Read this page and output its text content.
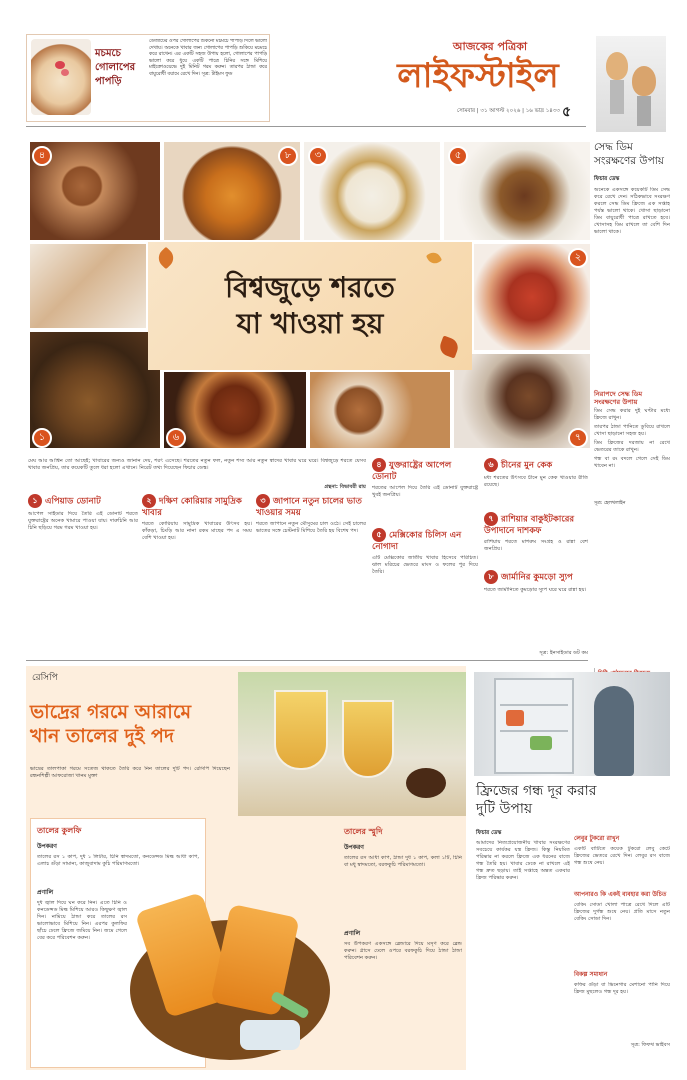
মচমচে গোলাপের পাপড়ি
ডেজার্টের ওপর গোলাপের শুকনো মচমচে পাপড়ি দিলে ভালো দেখায়। অনেকে খাবার জন্য গোলাপের পাপড়ি শুকিয়ে মচমচে করে রাখেন। এর একটি সহজ উপায় হলো, গোলাপের পাপড়ি ভালো করে ধুয়ে একটি পাত্রে চিনির সঙ্গে মিশিয়ে মাইক্রোওয়েভে দুই মিনিট গরম করুন। তারপর ঠান্ডা করে বায়ুরোধী বয়ামে রেখে দিন। সূত্র: টাইমস ফুড
আজকের পত্রিকা
লাইফস্টাইল
সোমবার | ৩১ আগস্ট ২০২৬ | ১৬ ভাদ্র ১৪৩৩ ৫
বিশ্বজুড়ে শরতে
যা খাওয়া হয়
৪	৮	৩	৫
২
১	৬	৭
সেদ্ধ ডিম সংরক্ষণের উপায়
ফিচার ডেস্ক
অনেকে একসঙ্গে কয়েকটি ডিম সেদ্ধ করে রেখে দেন। সঠিকভাবে সংরক্ষণ করলে সেদ্ধ ডিম ফ্রিজে এক সপ্তাহ পর্যন্ত ভালো থাকে। খোসা ছাড়ানো ডিম বায়ুরোধী পাত্রে রাখতে হবে। খোসাসহ ডিম রাখলে তা বেশি দিন ভালো থাকে।
নিরাপদে সেদ্ধ ডিম সংরক্ষণের উপায়
ডিম সেদ্ধ করার দুই ঘণ্টার মধ্যে ফ্রিজে রাখুন।
তারপর ঠান্ডা পানিতে ডুবিয়ে রাখলে খোসা ছাড়ানো সহজ হয়।
ডিম ফ্রিজের দরজায় না রেখে ভেতরের তাকে রাখুন।
গন্ধ বা রং বদলে গেলে সেই ডিম খাবেন না।
সূত্র: হেলথলাইন
মেঘ আর আশ্বিন তো আছেই; খাবারের জন্যও জানান দেয়, শরৎ এসেছে। শরতের নতুন ফল, নতুন শস্য আর নতুন স্বাদের খাবার ঘরে ঘরে। বিশ্বজুড়ে শরতে যেসব খাবার জনপ্রিয়, তার কয়েকটি তুলে ধরা হলো এখানে। নিরেট তথ্য দিয়েছেন ফিচার ডেস্ক।
গ্রন্থনা: বিভাবরী রায়
১ এপিয়াড ডোনাট
আপেল সাইডার দিয়ে তৈরি এই ডোনাট শরতে যুক্তরাষ্ট্রের অনেক খামারে পাওয়া যায়। দারুচিনি আর চিনি ছড়িয়ে গরম গরম খাওয়া হয়।
২ দক্ষিণ কোরিয়ার সামুদ্রিক খাবার
শরতে কোরিয়ায় সামুদ্রিক খাবারের উৎসব হয়। কাঁকড়া, চিংড়ি আর নানা রকম মাছের পদ এ সময় বেশি খাওয়া হয়।
৩ জাপানে নতুন চালের ভাত খাওয়ার সময়
শরতে জাপানে নতুন মৌসুমের চাল ওঠে। সেই চালের ভাতের সঙ্গে চেস্টনাট মিশিয়ে তৈরি হয় বিশেষ পদ।
৪ যুক্তরাষ্ট্রের আপেল ডোনাট
শরতের আপেল দিয়ে তৈরি এই ডোনাট যুক্তরাষ্ট্রে খুবই জনপ্রিয়।
৫ মেক্সিকোর চিলিস এন নোগাদা
এটি মেক্সিকোর জাতীয় খাবার হিসেবে পরিচিত। ঝাল মরিচের ভেতরে মাংস ও ফলের পুর দিয়ে তৈরি।
৬ চীনের মুন কেক
মধ্য শরতের উৎসবে চীনে মুন কেক খাওয়ার রীতি রয়েছে।
৭ রাশিয়ার বাকুইটকারের উপাদানে দাশকফ
রাশিয়ায় শরতে মাশরুম সংগ্রহ ও রান্না বেশ জনপ্রিয়।
৮ জার্মানির কুমড়ো স্যুপ
শরতে জার্মানিতে কুমড়োর স্যুপ ঘরে ঘরে রান্না হয়।
সূত্র: ইনসাইডার ডট কম
রেসিপি
ভাদ্রের গরমে আরামে
খান তালের দুই পদ
ভাদ্রের তালপাকা গরমে সতেজ থাকতে তৈরি করে নিন তালের দুটি পদ। রেসিপি দিয়েছেন রন্ধনশিল্পী আফরোজা খানম মুক্তা
তালের কুলফি
উপকরণ
তালের রস ১ কাপ, দুধ ১ লিটার, চিনি স্বাদমতো, কনডেন্সড মিল্ক আধা কাপ, এলাচ গুঁড়া সামান্য, কাজুবাদাম কুচি পরিমাণমতো।
প্রণালি
দুধ জ্বাল দিয়ে ঘন করে নিন। এতে চিনি ও কনডেন্সড মিল্ক মিশিয়ে আরও কিছুক্ষণ জ্বাল দিন। নামিয়ে ঠান্ডা করে তালের রস ভালোভাবে মিশিয়ে নিন। এরপর কুলফির ছাঁচে ঢেলে ফ্রিজে জমিয়ে নিন। জমে গেলে বের করে পরিবেশন করুন।
তালের স্মুদি
উপকরণ
তালের রস আধা কাপ, ঠান্ডা দুধ ১ কাপ, কলা ১টি, চিনি বা মধু স্বাদমতো, বরফকুচি পরিমাণমতো।
প্রণালি
সব উপকরণ একসঙ্গে ব্লেন্ডারে দিয়ে মসৃণ করে ব্লেন্ড করুন। গ্লাসে ঢেলে ওপরে বরফকুচি দিয়ে ঠান্ডা ঠান্ডা পরিবেশন করুন।
ফ্রিজের গন্ধ দূর করার
দুটি উপায়
ফিচার ডেস্ক
আমাদের নিত্যপ্রয়োজনীয় খাবার সংরক্ষণের সবচেয়ে কার্যকর যন্ত্র ফ্রিজ। কিন্তু নিয়মিত পরিষ্কার না করলে ফ্রিজে এক ধরনের বাজে গন্ধ তৈরি হয়। খাবার ঢেকে না রাখলে এই গন্ধ দ্রুত ছড়ায়। তাই সপ্তাহে অন্তত একবার ফ্রিজ পরিষ্কার করুন।
লেবুর টুকরো রাখুন
একটি বাটিতে কয়েক টুকরো লেবু কেটে ফ্রিজের ভেতরে রেখে দিন। লেবুর রস বাজে গন্ধ শুষে নেয়।
আপনারও কি একই ব্যবহার করা উচিত
বেকিং সোডা খোলা পাত্রে রেখে দিলে এটি ফ্রিজের দুর্গন্ধ শুষে নেয়। প্রতি মাসে নতুন বেকিং সোডা দিন।
বিকল্প সমাধান
কফির গুঁড়া বা ভিনেগার মেশানো পানি দিয়ে ফ্রিজ মুছলেও গন্ধ দূর হয়।
সূত্র: ফিফথ ভাইবস
